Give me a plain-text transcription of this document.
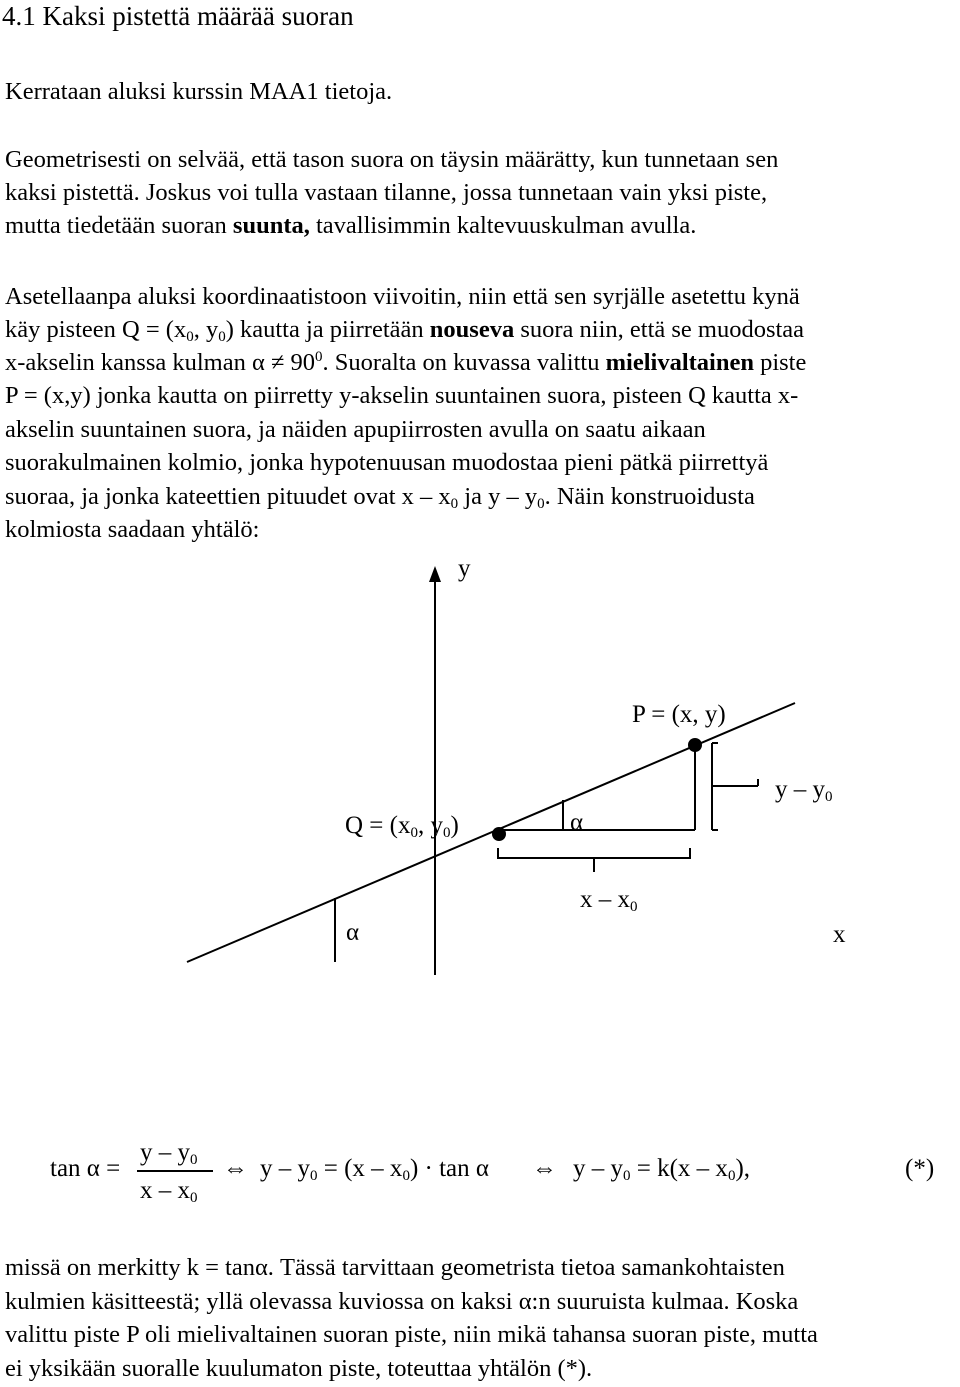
4.1 Kaksi pistettä määrää suoran
Kerrataan aluksi kurssin MAA1 tietoja.
Geometrisesti on selvää, että tason suora on täysin määrätty, kun tunnetaan sen
kaksi pistettä. Joskus voi tulla vastaan tilanne, jossa tunnetaan vain yksi piste,
mutta tiedetään suoran suunta, tavallisimmin kaltevuuskulman avulla.
Asetellaanpa aluksi koordinaatistoon viivoitin, niin että sen syrjälle asetettu kynä
käy pisteen $Q = (x_0$, $y_0$) kautta ja piirretään nouseva suora niin, että se muodostaa
x-akselin kanssa kulman $\alpha \ne 90^0$. Suoralta on kuvassa valittu mielivaltainen piste
P = (x,y) jonka kautta on piirretty y-akselin suuntainen suora, pisteen Q kautta x-
akselin suuntainen suora, ja näiden apupiirrosten avulla on saatu aikaan
suorakulmainen kolmio, jonka hypotenuusan muodostaa pieni pätkä piirrettyä
suoraa, ja jonka kateettien pituudet ovat x – $x_0$ ja y – $y_0$. Näin konstruoidusta
kolmiosta saadaan yhtälö:
y
x
P = (x, y)
$Q = (x_0$, $y_0$)	α
α
y – $y_0$
x – $x_0$
tan α =
y – $y_0$
x – $x_0$
⇔ $y - y_0 = (x - x_0) \cdot \tan \alpha$ ⇔ $y - y_0 = k(x - x_0)$,	(*)
missä on merkitty k = tanα. Tässä tarvittaan geometrista tietoa samankohtaisten
kulmien käsitteestä; yllä olevassa kuviossa on kaksi α:n suuruista kulmaa. Koska
valittu piste P oli mielivaltainen suoran piste, niin mikä tahansa suoran piste, mutta
ei yksikään suoralle kuulumaton piste, toteuttaa yhtälön (*).
